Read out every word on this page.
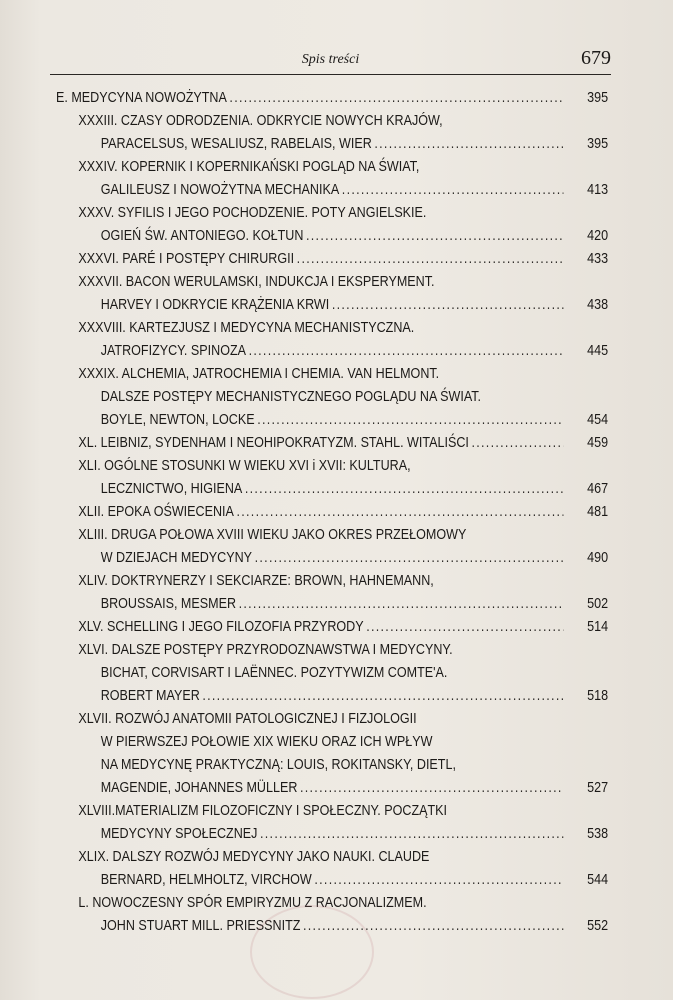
Spis treści	679
E. MEDYCYNA NOWOŻYTNA .....	395
XXXIII. CZASY ODRODZENIA. ODKRYCIE NOWYCH KRAJÓW,
PARACELSUS, WESALIUSZ, RABELAIS, WIER .....	395
XXXIV. KOPERNIK I KOPERNIKAŃSKI POGLĄD NA ŚWIAT,
GALILEUSZ I NOWOŻYTNA MECHANIKA .....	413
XXXV. SYFILIS I JEGO POCHODZENIE. POTY ANGIELSKIE.
OGIEŃ ŚW. ANTONIEGO. KOŁTUN .....	420
XXXVI. PARÉ I POSTĘPY CHIRURGII .....	433
XXXVII. BACON WERULAMSKI, INDUKCJA I EKSPERYMENT.
HARVEY I ODKRYCIE KRĄŻENIA KRWI .....	438
XXXVIII. KARTEZJUSZ I MEDYCYNA MECHANISTYCZNA.
JATROFIZYCY. SPINOZA .....	445
XXXIX. ALCHEMIA, JATROCHEMIA I CHEMIA. VAN HELMONT.
DALSZE POSTĘPY MECHANISTYCZNEGO POGLĄDU NA ŚWIAT.
BOYLE, NEWTON, LOCKE .....	454
XL. LEIBNIZ, SYDENHAM I NEOHIPOKRATYZM. STAHL. WITALIŚCI .....	459
XLI. OGÓLNE STOSUNKI W WIEKU XVI i XVII: KULTURA,
LECZNICTWO, HIGIENA .....	467
XLII. EPOKA OŚWIECENIA .....	481
XLIII. DRUGA POŁOWA XVIII WIEKU JAKO OKRES PRZEŁOMOWY
W DZIEJACH MEDYCYNY .....	490
XLIV. DOKTRYNERZY I SEKCIARZE: BROWN, HAHNEMANN,
BROUSSAIS, MESMER .....	502
XLV. SCHELLING I JEGO FILOZOFIA PRZYRODY .....	514
XLVI. DALSZE POSTĘPY PRZYRODOZNAWSTWA I MEDYCYNY.
BICHAT, CORVISART I LAËNNEC. POZYTYWIZM COMTE'A.
ROBERT MAYER .....	518
XLVII. ROZWÓJ ANATOMII PATOLOGICZNEJ I FIZJOLOGII
W PIERWSZEJ POŁOWIE XIX WIEKU ORAZ ICH WPŁYW
NA MEDYCYNĘ PRAKTYCZNĄ: LOUIS, ROKITANSKY, DIETL,
MAGENDIE, JOHANNES MÜLLER .....	527
XLVIII.MATERIALIZM FILOZOFICZNY I SPOŁECZNY. POCZĄTKI
MEDYCYNY SPOŁECZNEJ .....	538
XLIX. DALSZY ROZWÓJ MEDYCYNY JAKO NAUKI. CLAUDE
BERNARD, HELMHOLTZ, VIRCHOW .....	544
L. NOWOCZESNY SPÓR EMPIRYZMU Z RACJONALIZMEM.
JOHN STUART MILL. PRIESSNITZ .....	552
